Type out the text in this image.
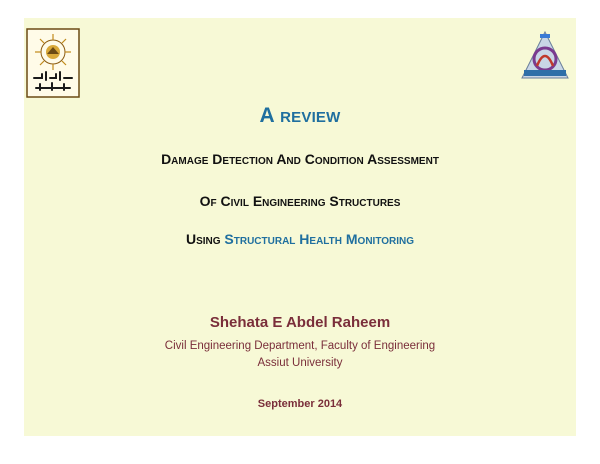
A review
Damage Detection And Condition Assessment
Of Civil Engineering Structures
Using Structural Health Monitoring
Shehata E Abdel Raheem
Civil Engineering Department, Faculty of Engineering
Assiut University
September 2014
